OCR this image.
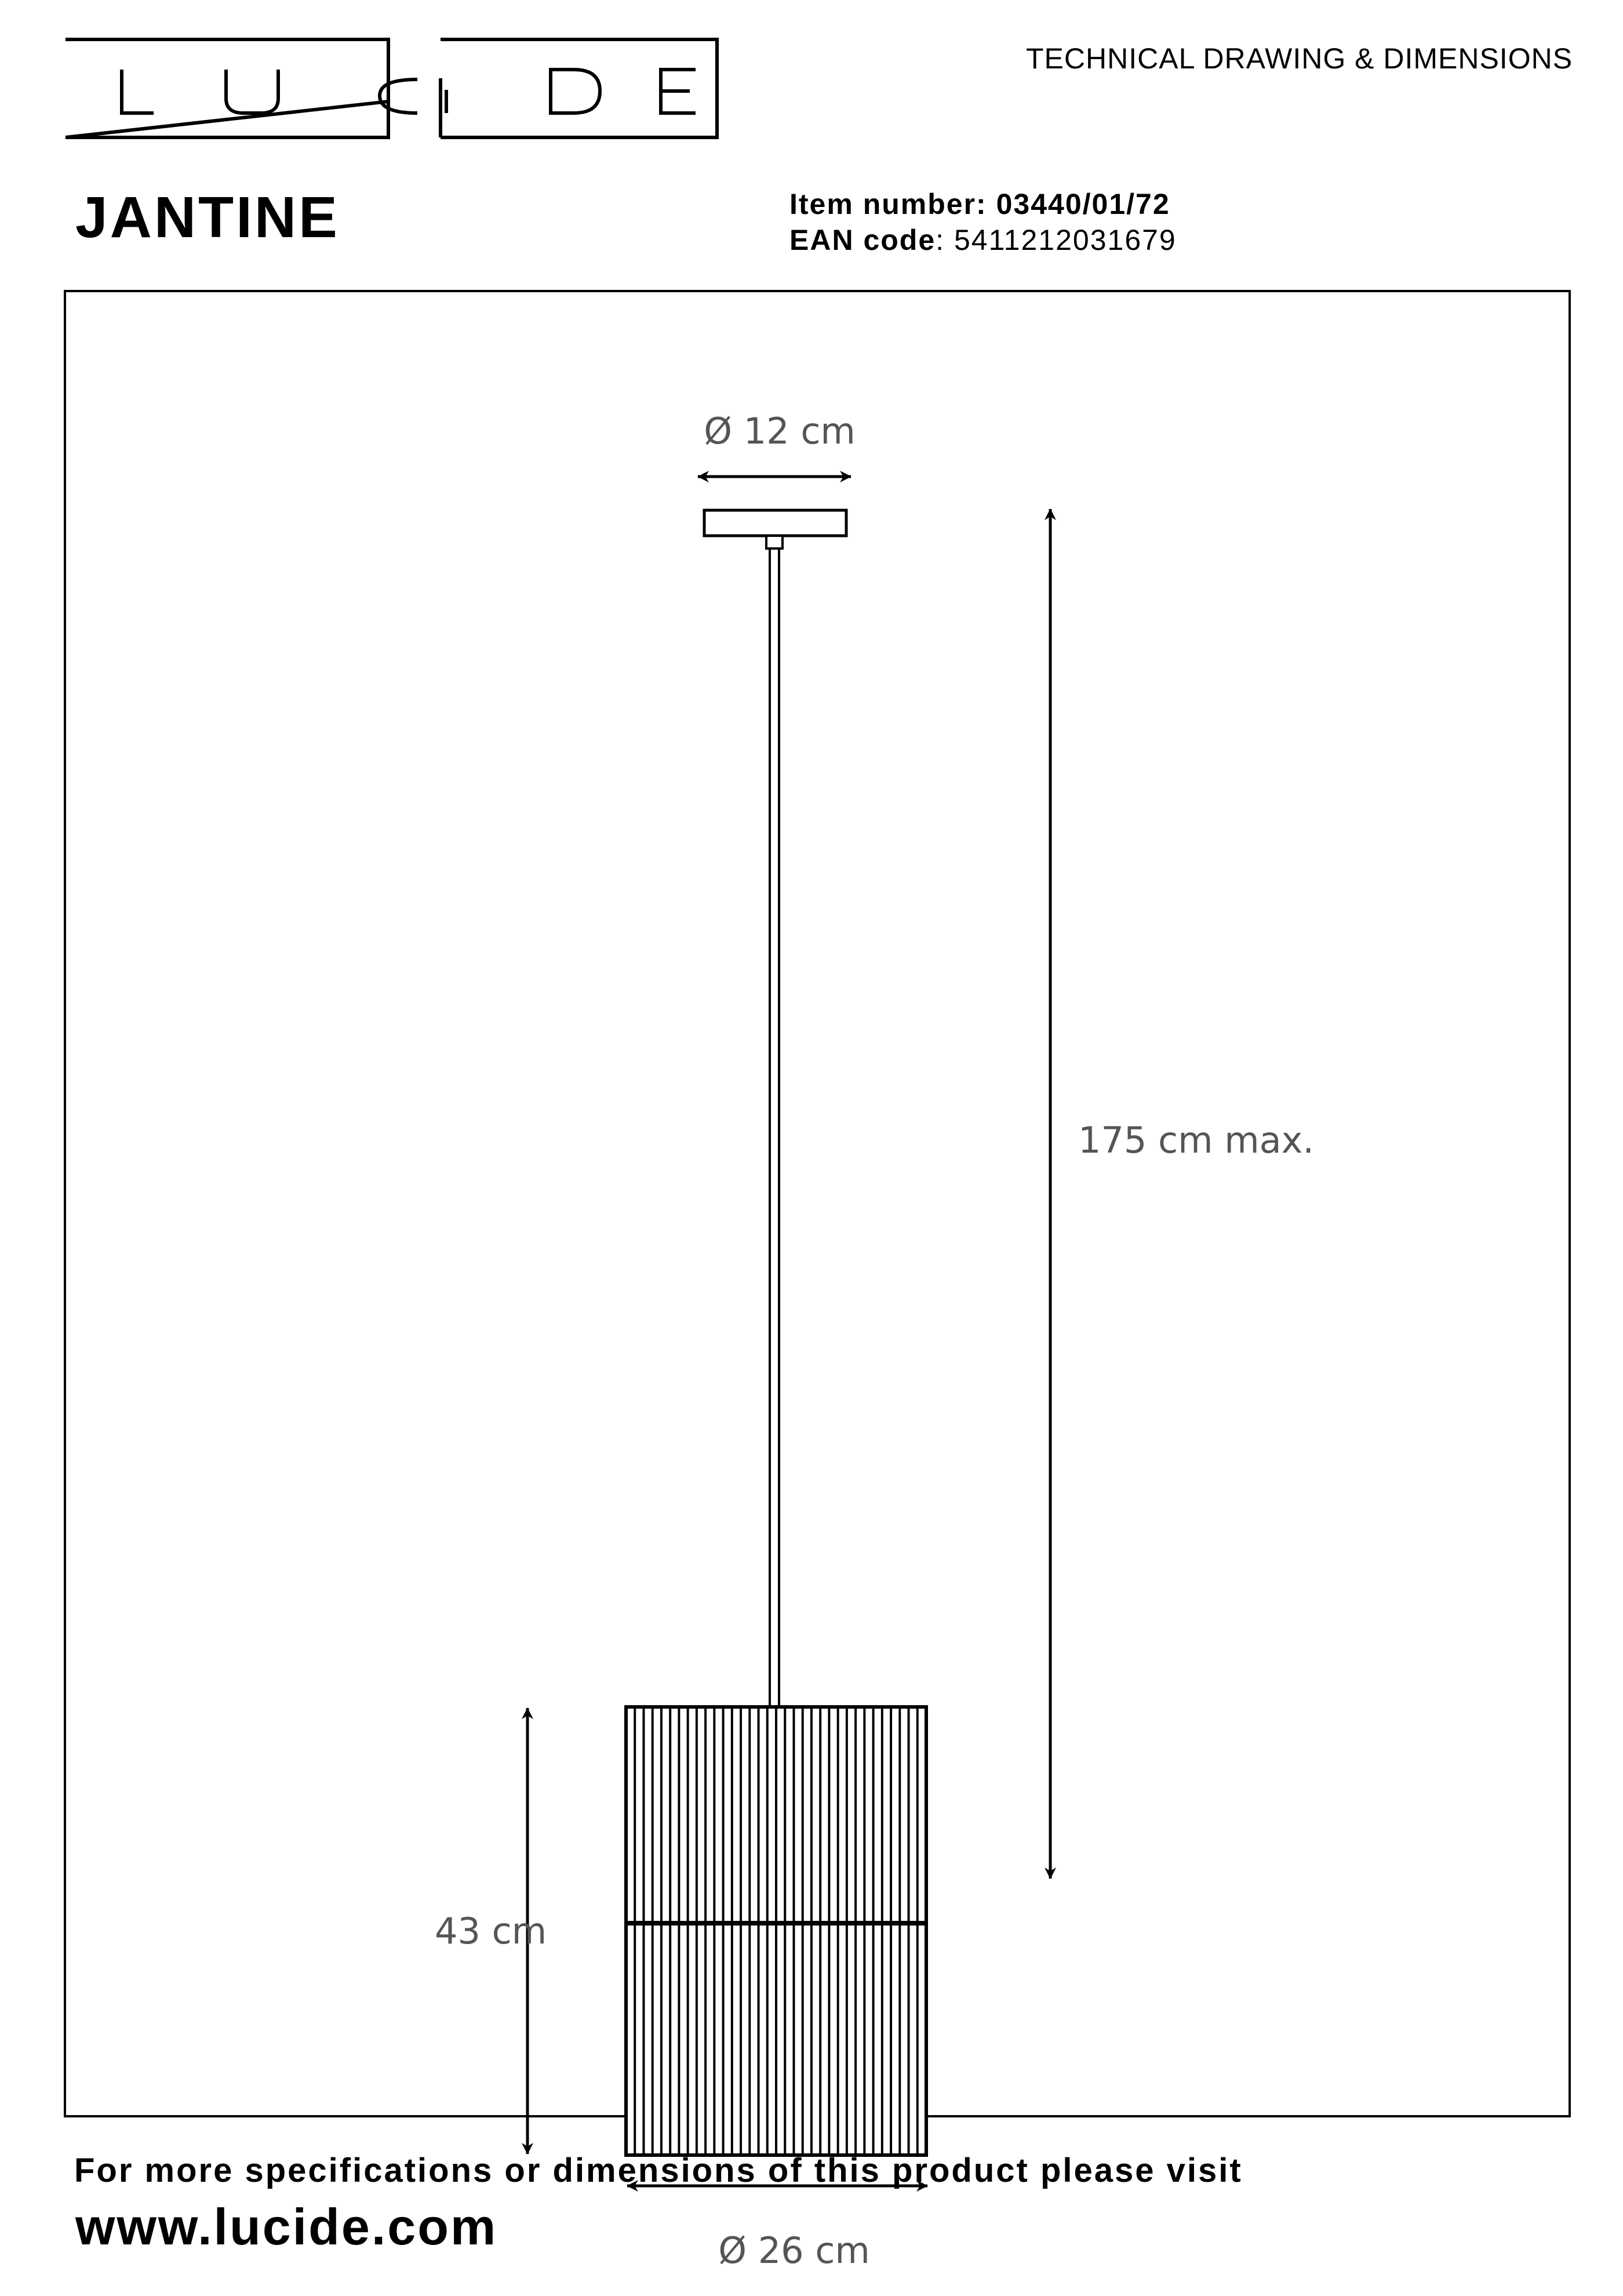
TECHNICAL DRAWING & DIMENSIONS
JANTINE	Item number: 03440/01/72
EAN code: 5411212031679
Ø 12 cm
175 cm max.
43 cm
Ø 26 cm
For more specifications or dimensions of this product please visit
www.lucide.com
